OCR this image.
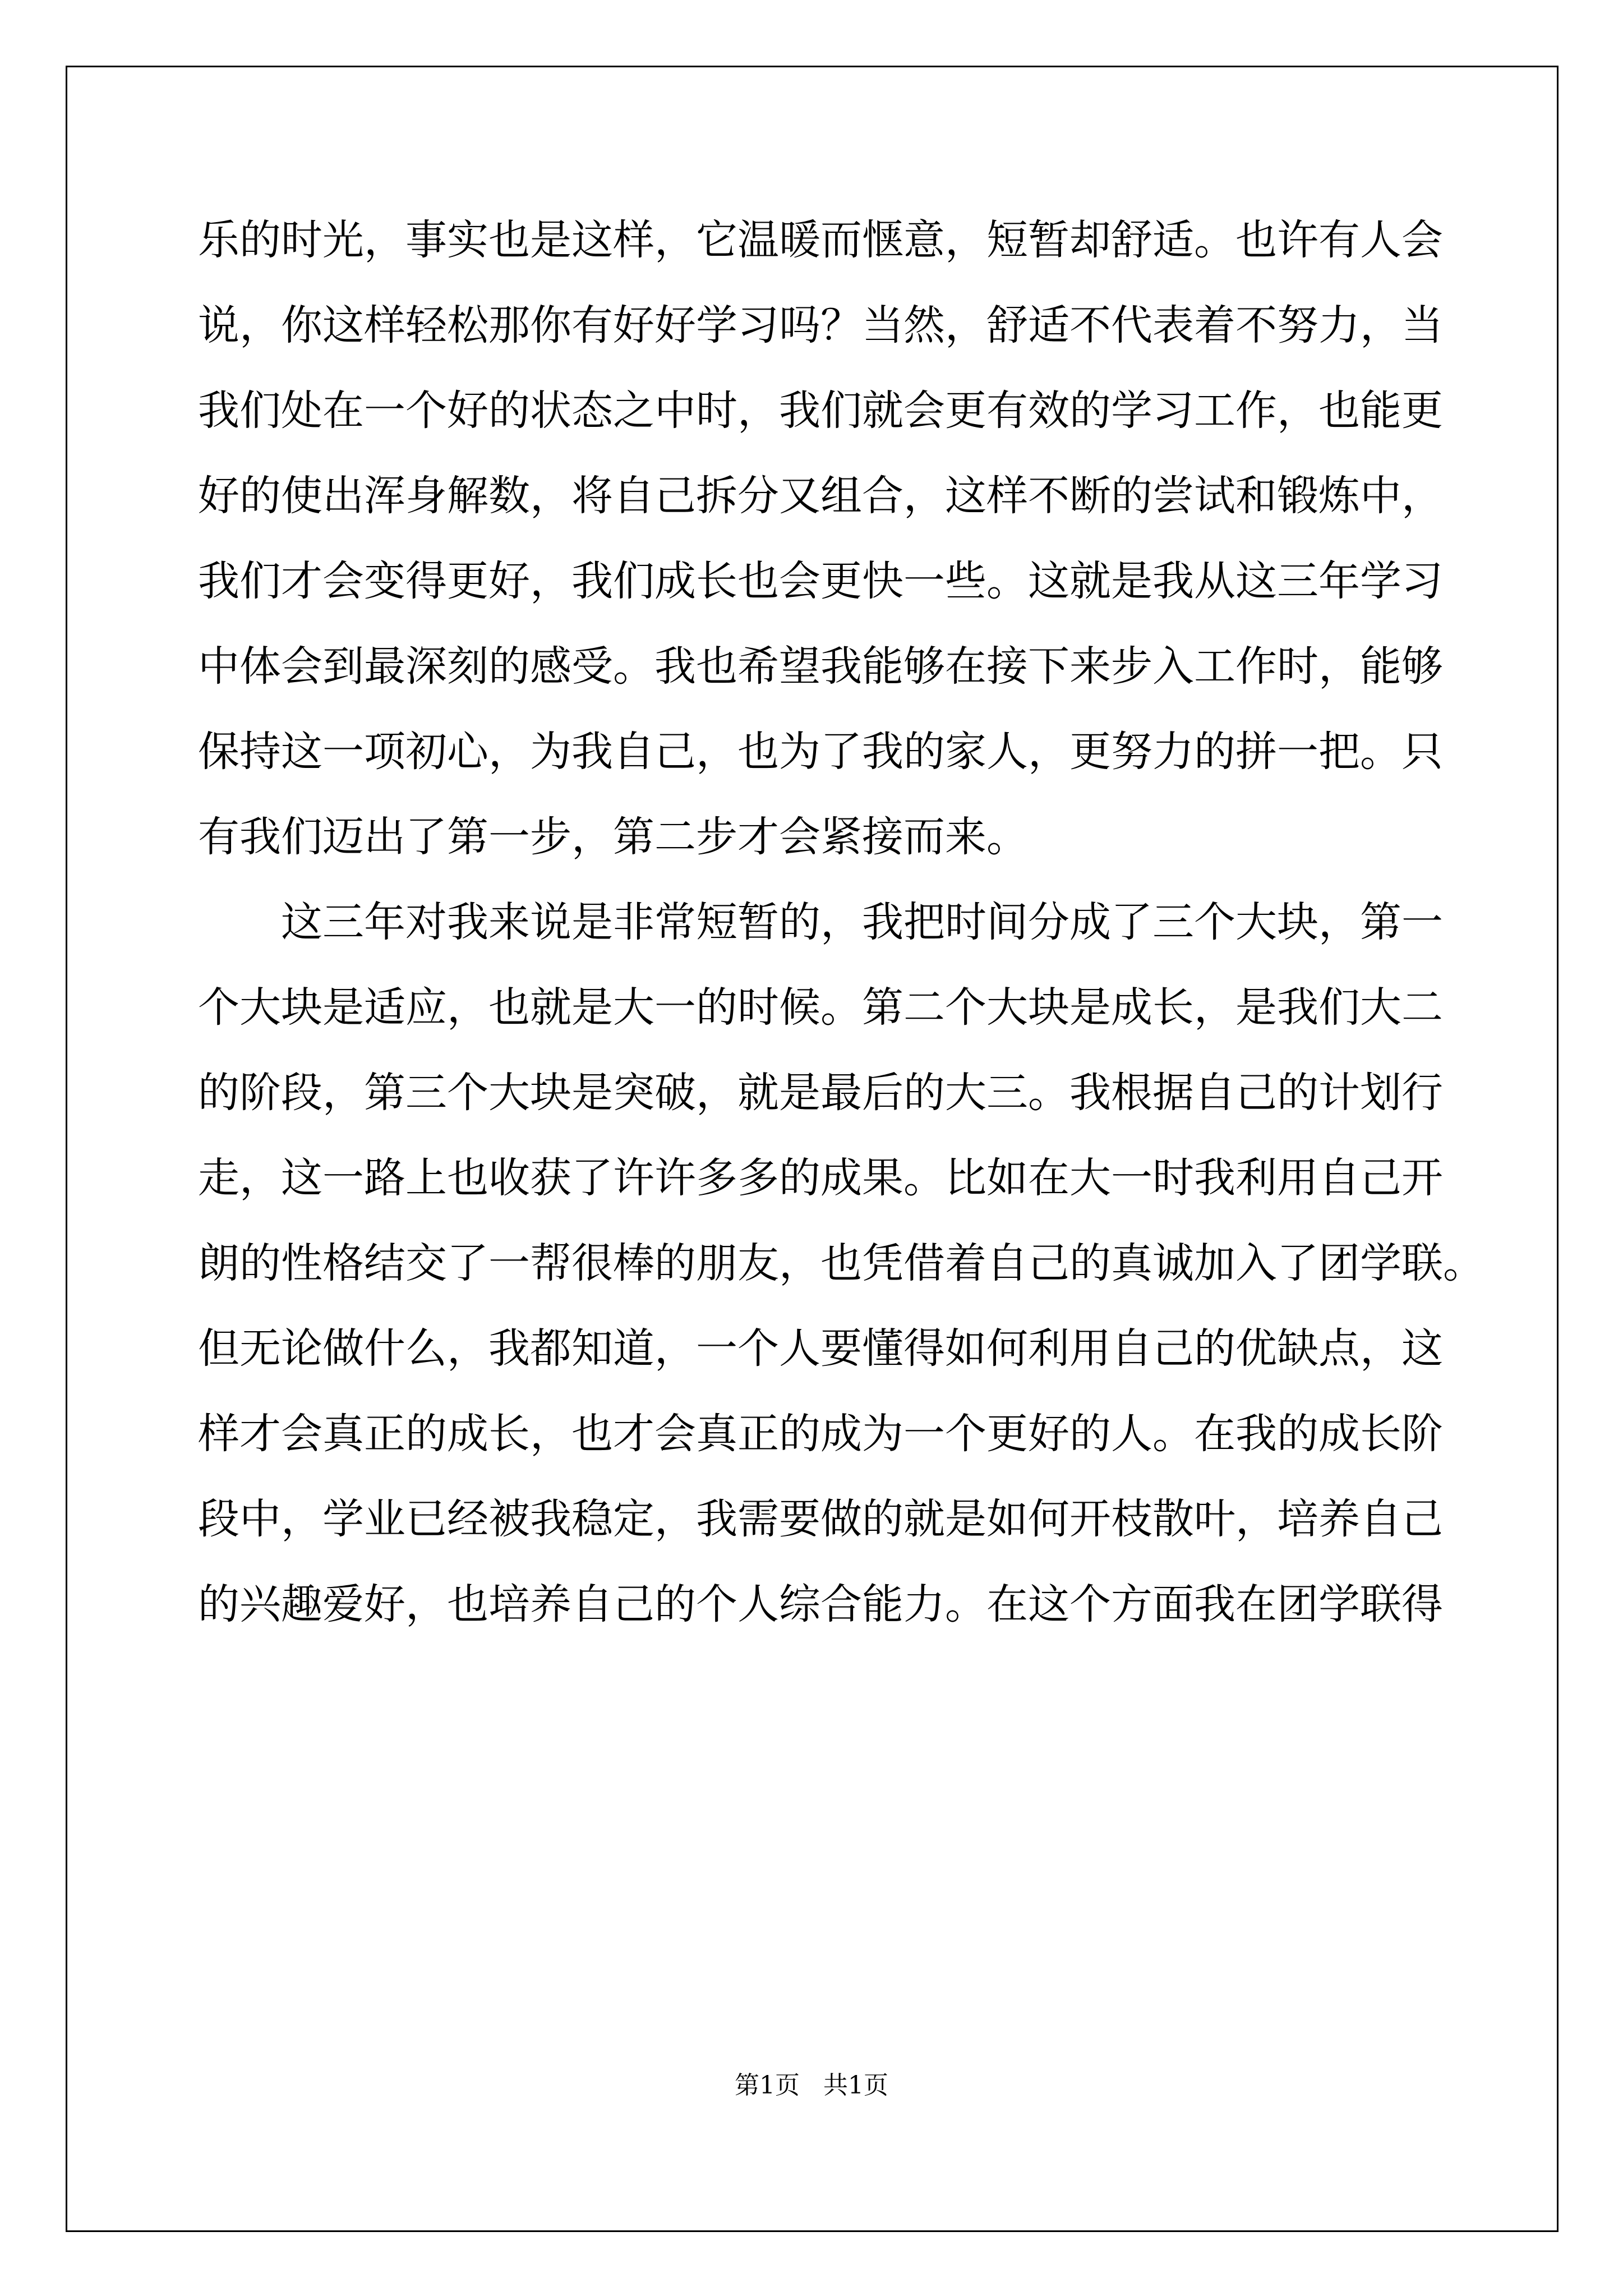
乐的时光，事实也是这样，它温暖而惬意，短暂却舒适。也许有人会
说，你这样轻松那你有好好学习吗？当然，舒适不代表着不努力，当
我们处在一个好的状态之中时，我们就会更有效的学习工作，也能更
好的使出浑身解数，将自己拆分又组合，这样不断的尝试和锻炼中，
我们才会变得更好，我们成长也会更快一些。这就是我从这三年学习
中体会到最深刻的感受。我也希望我能够在接下来步入工作时，能够
保持这一项初心，为我自己，也为了我的家人，更努力的拼一把。只
有我们迈出了第一步，第二步才会紧接而来。
这三年对我来说是非常短暂的，我把时间分成了三个大块，第一
个大块是适应，也就是大一的时候。第二个大块是成长，是我们大二
的阶段，第三个大块是突破，就是最后的大三。我根据自己的计划行
走，这一路上也收获了许许多多的成果。比如在大一时我利用自己开
朗的性格结交了一帮很棒的朋友，也凭借着自己的真诚加入了团学联。
但无论做什么，我都知道，一个人要懂得如何利用自己的优缺点，这
样才会真正的成长，也才会真正的成为一个更好的人。在我的成长阶
段中，学业已经被我稳定，我需要做的就是如何开枝散叶，培养自己
的兴趣爱好，也培养自己的个人综合能力。在这个方面我在团学联得
第1页   共1页
